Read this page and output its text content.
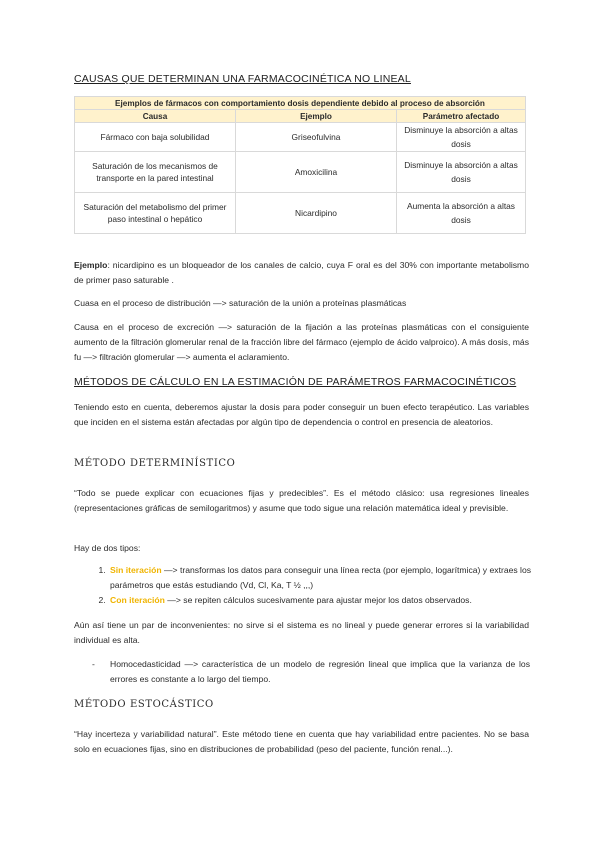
CAUSAS QUE DETERMINAN UNA FARMACOCINÉTICA NO LINEAL
Ejemplos de fármacos con comportamiento dosis dependiente debido al proceso de absorción		
Causa	Ejemplo	Parámetro afectado
Fármaco con baja solubilidad	Griseofulvina	Disminuye la absorción a altas dosis
Saturación de los mecanismos de transporte en la pared intestinal	Amoxicilina	Disminuye la absorción a altas dosis
Saturación del metabolismo del primer paso intestinal o hepático	Nicardipino	Aumenta la absorción a altas dosis

Ejemplo: nicardipino es un bloqueador de los canales de calcio, cuya F oral es del 30% con importante metabolismo de primer paso saturable .

Cuasa en el proceso de distribución —> saturación de la unión a proteínas plasmáticas

Causa en el proceso de excreción —> saturación de la fijación a las proteínas plasmáticas con el consiguiente aumento de la filtración glomerular renal de la fracción libre del fármaco (ejemplo de ácido valproico). A más dosis, más fu —> filtración glomerular —> aumenta el aclaramiento.

MÉTODOS DE CÁLCULO EN LA ESTIMACIÓN DE PARÁMETROS FARMACOCINÉTICOS

Teniendo esto en cuenta, deberemos ajustar la dosis para poder conseguir un buen efecto terapéutico. Las variables que inciden en el sistema están afectadas por algún tipo de dependencia o control en presencia de aleatorios.

MÉTODO DETERMINÍSTICO

“Todo se puede explicar con ecuaciones fijas y predecibles”. Es el método clásico: usa regresiones lineales (representaciones gráficas de semilogaritmos) y asume que todo sigue una relación matemática ideal y previsible.

Hay de dos tipos:

1. Sin iteración —> transformas los datos para conseguir una línea recta (por ejemplo, logarítmica) y extraes los parámetros que estás estudiando (Vd, Cl, Ka, T ½ ,,,)
2. Con iteración —> se repiten cálculos sucesivamente para ajustar mejor los datos observados.

Aún así tiene un par de inconvenientes: no sirve si el sistema es no lineal y puede generar errores si la variabilidad individual es alta.

- Homocedasticidad —> característica de un modelo de regresión lineal que implica que la varianza de los errores es constante a lo largo del tiempo.
MÉTODO ESTOCÁSTICO

“Hay incerteza y variabilidad natural”. Este método tiene en cuenta que hay variabilidad entre pacientes. No se basa solo en ecuaciones fijas, sino en distribuciones de probabilidad (peso del paciente, función renal...).
